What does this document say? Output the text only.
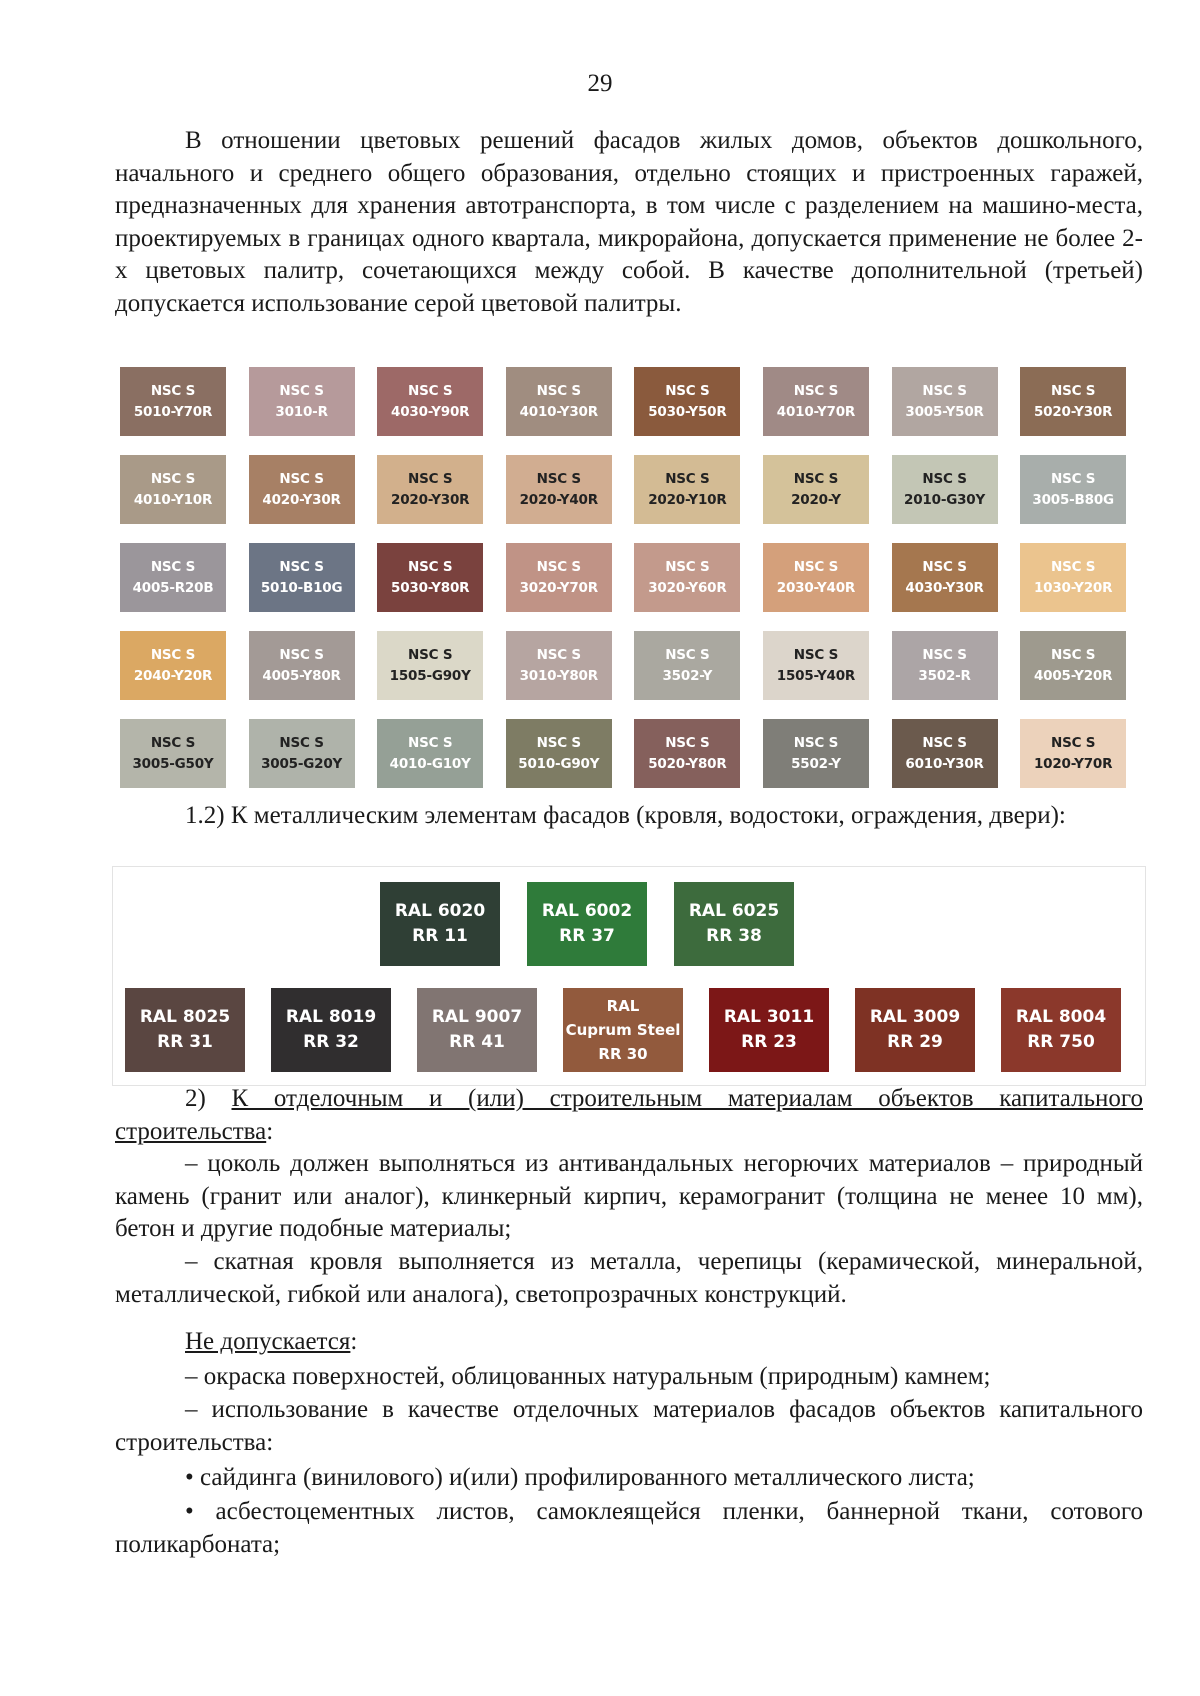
29
В отношении цветовых решений фасадов жилых домов, объектов дошкольного, начального и среднего общего образования, отдельно стоящих и пристроенных гаражей, предназначенных для хранения автотранспорта, в том числе с разделением на машино-места, проектируемых в границах одного квартала, микрорайона, допускается применение не более 2-х цветовых палитр, сочетающихся между собой. В качестве дополнительной (третьей) допускается использование серой цветовой палитры.
NSC S
5010-Y70R
NSC S
3010-R
NSC S
4030-Y90R
NSC S
4010-Y30R
NSC S
5030-Y50R
NSC S
4010-Y70R
NSC S
3005-Y50R
NSC S
5020-Y30R
NSC S
4010-Y10R
NSC S
4020-Y30R
NSC S
2020-Y30R
NSC S
2020-Y40R
NSC S
2020-Y10R
NSC S
2020-Y
NSC S
2010-G30Y
NSC S
3005-B80G
NSC S
4005-R20B
NSC S
5010-B10G
NSC S
5030-Y80R
NSC S
3020-Y70R
NSC S
3020-Y60R
NSC S
2030-Y40R
NSC S
4030-Y30R
NSC S
1030-Y20R
NSC S
2040-Y20R
NSC S
4005-Y80R
NSC S
1505-G90Y
NSC S
3010-Y80R
NSC S
3502-Y
NSC S
1505-Y40R
NSC S
3502-R
NSC S
4005-Y20R
NSC S
3005-G50Y
NSC S
3005-G20Y
NSC S
4010-G10Y
NSC S
5010-G90Y
NSC S
5020-Y80R
NSC S
5502-Y
NSC S
6010-Y30R
NSC S
1020-Y70R
1.2) К металлическим элементам фасадов (кровля, водостоки, ограждения, двери):
RAL 6020
RR 11
RAL 6002
RR 37
RAL 6025
RR 38
RAL 8025
RR 31
RAL 8019
RR 32
RAL 9007
RR 41
RAL
Cuprum Steel
RR 30
RAL 3011
RR 23
RAL 3009
RR 29
RAL 8004
RR 750
2) К отделочным и (или) строительным материалам объектов капитального строительства:
– цоколь должен выполняться из антивандальных негорючих материалов – природный камень (гранит или аналог), клинкерный кирпич, керамогранит (толщина не менее 10 мм), бетон и другие подобные материалы;
– скатная кровля выполняется из металла, черепицы (керамической, минеральной, металлической, гибкой или аналога), светопрозрачных конструкций.
Не допускается:
– окраска поверхностей, облицованных натуральным (природным) камнем;
– использование в качестве отделочных материалов фасадов объектов капитального строительства:
• сайдинга (винилового) и(или) профилированного металлического листа;
• асбестоцементных листов, самоклеящейся пленки, баннерной ткани, сотового поликарбоната;
